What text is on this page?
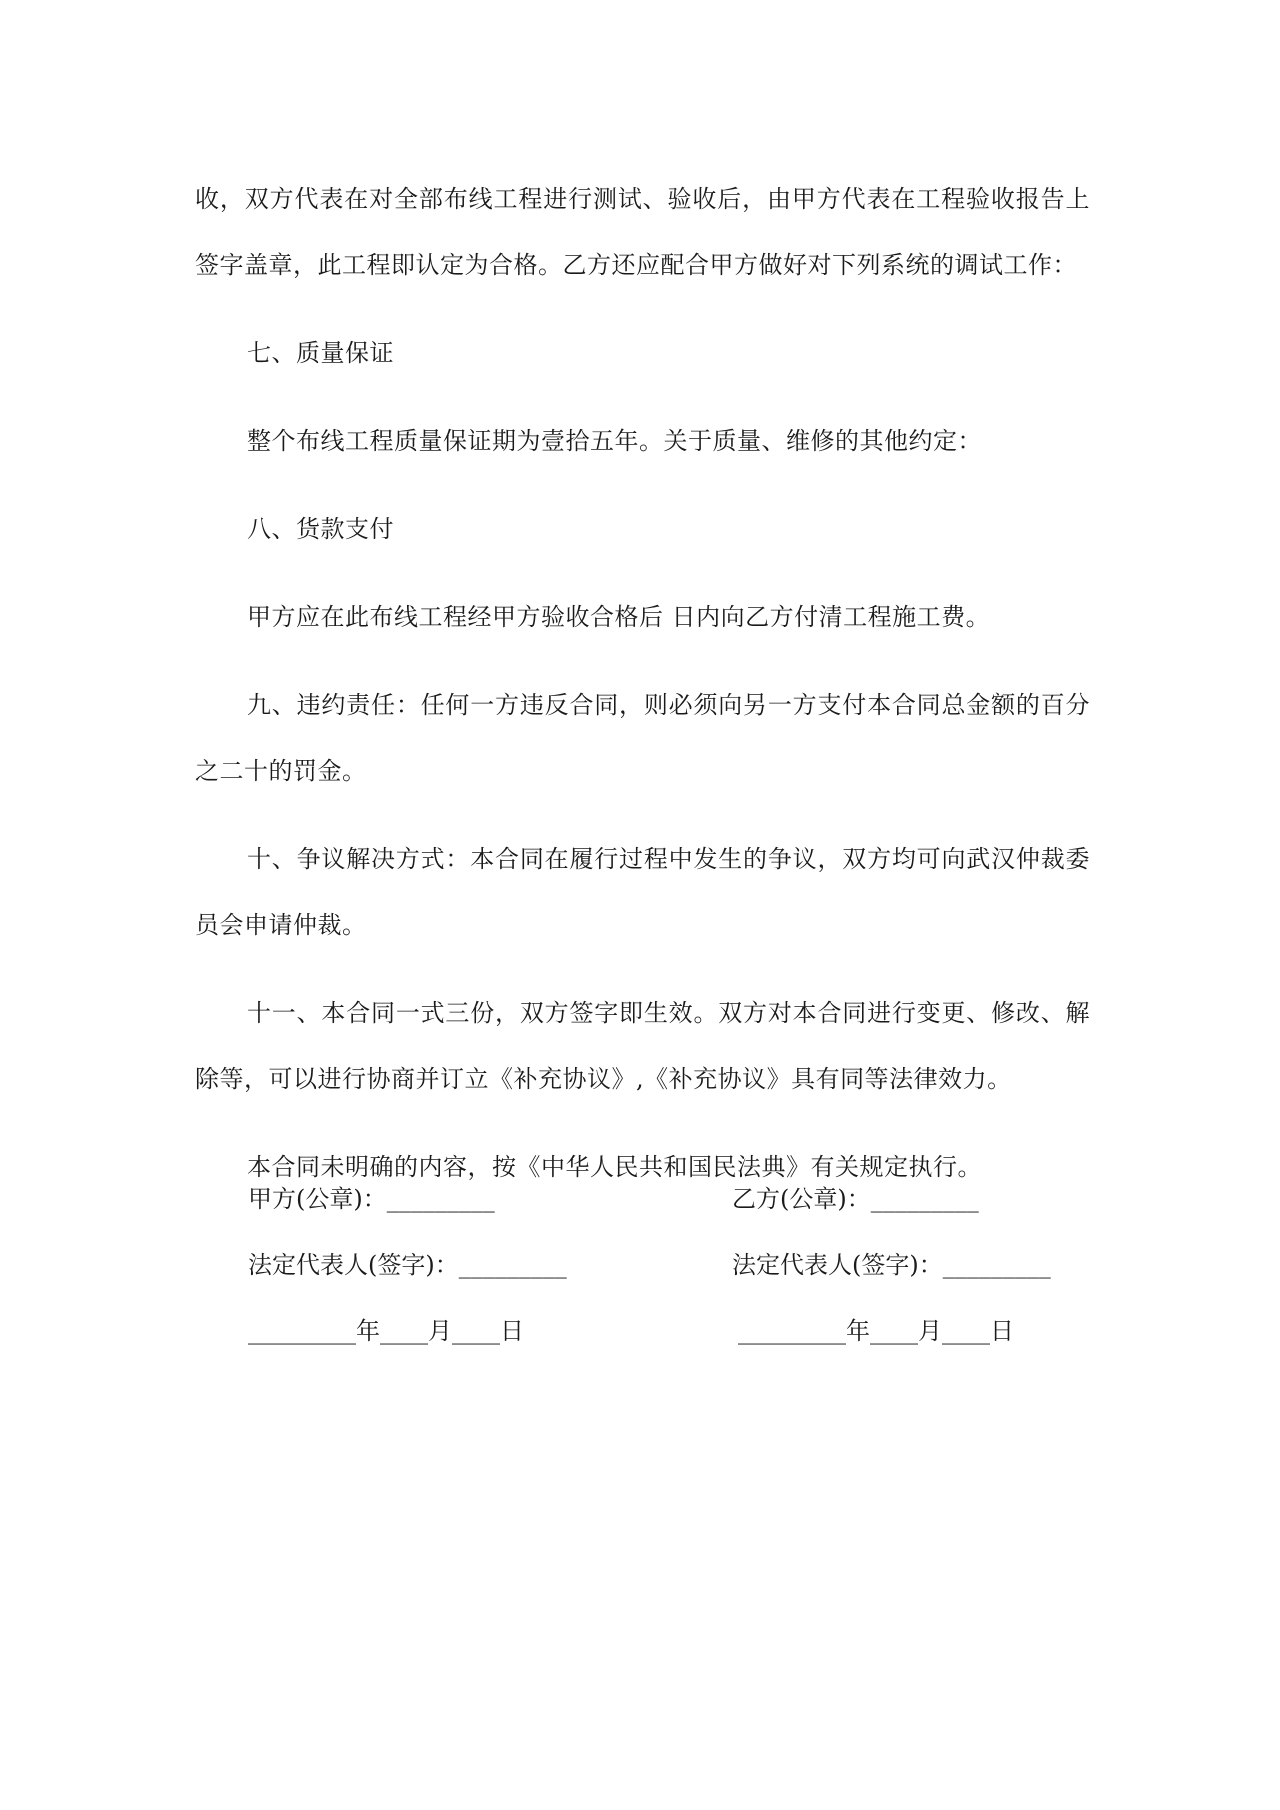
收，双方代表在对全部布线工程进行测试、验收后，由甲方代表在工程验收报告上签字盖章，此工程即认定为合格。乙方还应配合甲方做好对下列系统的调试工作：

七、质量保证

整个布线工程质量保证期为壹拾五年。关于质量、维修的其他约定：

八、货款支付

甲方应在此布线工程经甲方验收合格后 日内向乙方付清工程施工费。

九、违约责任：任何一方违反合同，则必须向另一方支付本合同总金额的百分之二十的罚金。

十、争议解决方式：本合同在履行过程中发生的争议，双方均可向武汉仲裁委员会申请仲裁。

十一、本合同一式三份，双方签字即生效。双方对本合同进行变更、修改、解除等，可以进行协商并订立《补充协议》,《补充协议》具有同等法律效力。

本合同未明确的内容，按《中华人民共和国民法典》有关规定执行。

甲方(公章)：_________	乙方(公章)：_________
法定代表人(签字)：_________	法定代表人(签字)：_________
_________年____月____日	_________年____月____日
